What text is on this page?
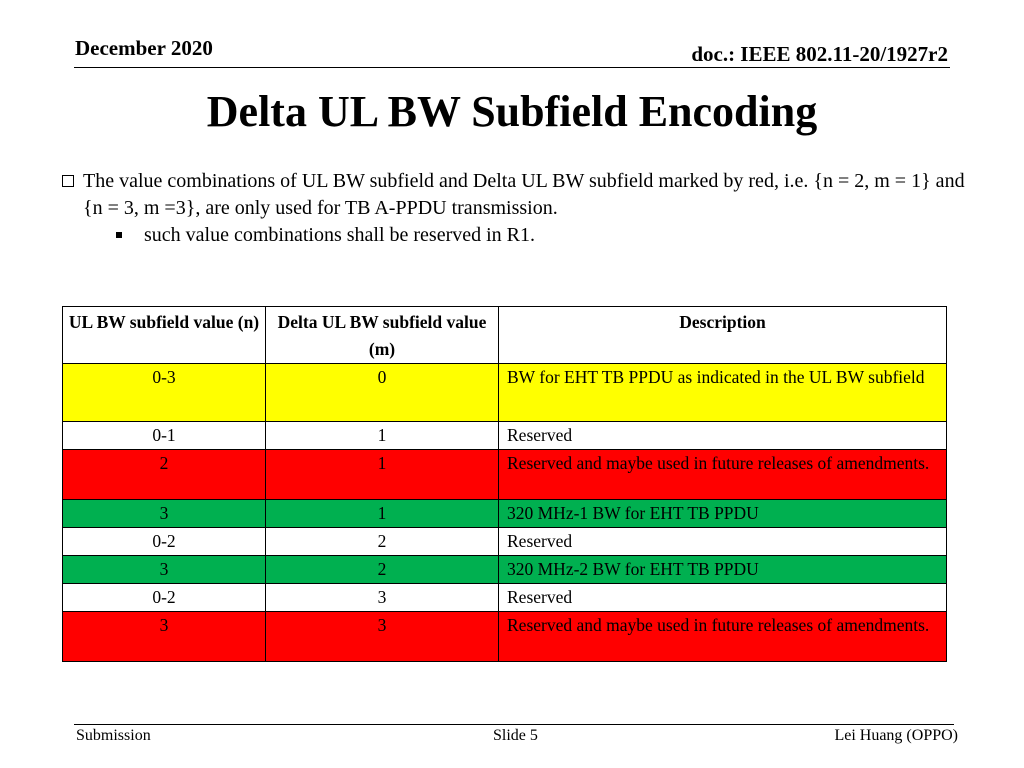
December 2020	doc.: IEEE 802.11-20/1927r2
Delta UL BW Subfield Encoding
The value combinations of UL BW subfield and Delta UL BW subfield marked by red, i.e. {n = 2, m = 1} and {n = 3, m =3}, are only used for TB A-PPDU transmission.
such value combinations shall be reserved in R1.
UL BW subfield value (n)	Delta UL BW subfield value (m)	Description
0-3	0	BW for EHT TB PPDU as indicated in the UL BW subfield
0-1	1	Reserved
2	1	Reserved and maybe used in future releases of amendments.
3	1	320 MHz-1 BW for EHT TB PPDU
0-2	2	Reserved
3	2	320 MHz-2 BW for EHT TB PPDU
0-2	3	Reserved
3	3	Reserved and maybe used in future releases of amendments.
Submission	Slide 5	Lei Huang (OPPO)
